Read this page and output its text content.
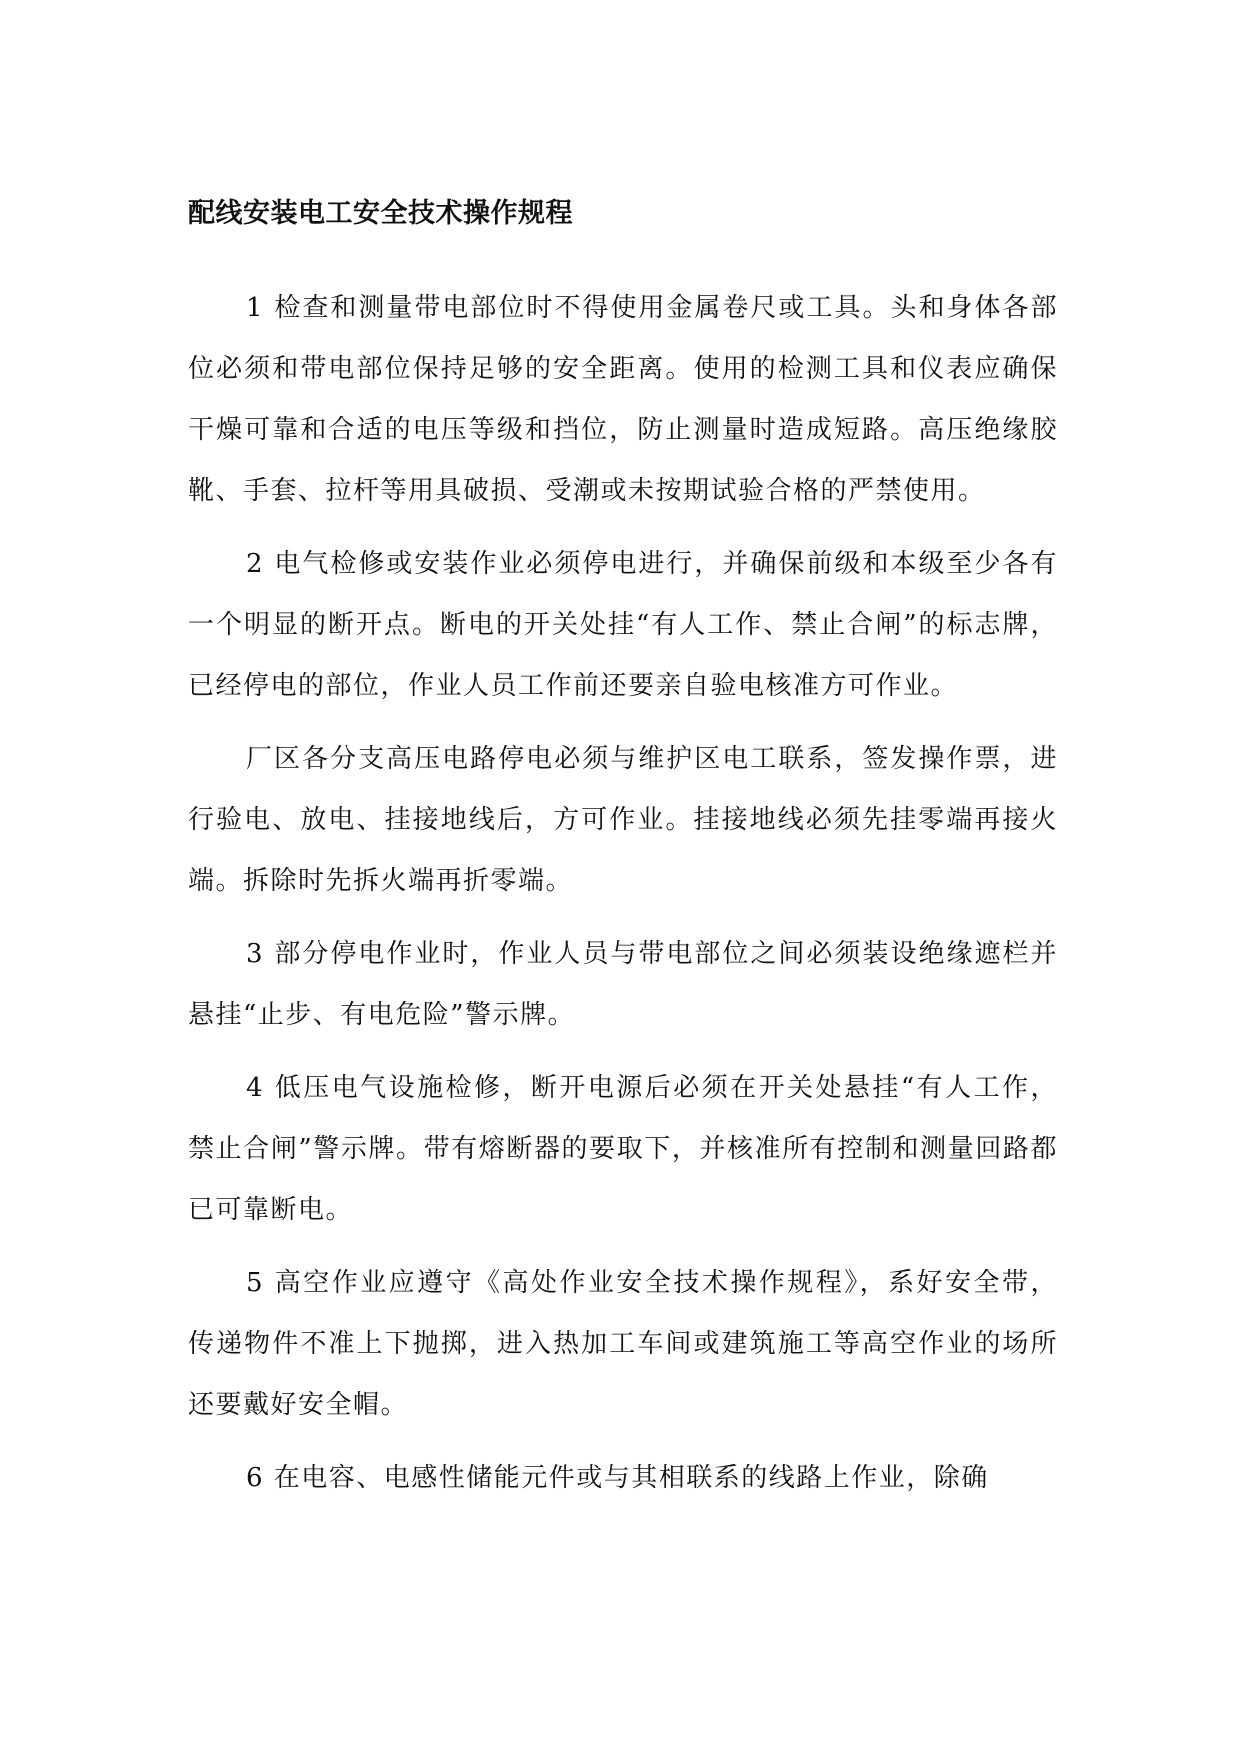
配线安装电工安全技术操作规程

1 检查和测量带电部位时不得使用金属卷尺或工具。头和身体各部位必须和带电部位保持足够的安全距离。使用的检测工具和仪表应确保干燥可靠和合适的电压等级和挡位，防止测量时造成短路。高压绝缘胶靴、手套、拉杆等用具破损、受潮或未按期试验合格的严禁使用。

2 电气检修或安装作业必须停电进行，并确保前级和本级至少各有一个明显的断开点。断电的开关处挂“有人工作、禁止合闸”的标志牌，已经停电的部位，作业人员工作前还要亲自验电核准方可作业。

厂区各分支高压电路停电必须与维护区电工联系，签发操作票，进行验电、放电、挂接地线后，方可作业。挂接地线必须先挂零端再接火端。拆除时先拆火端再折零端。

3 部分停电作业时，作业人员与带电部位之间必须装设绝缘遮栏并悬挂“止步、有电危险”警示牌。

4 低压电气设施检修，断开电源后必须在开关处悬挂“有人工作，禁止合闸”警示牌。带有熔断器的要取下，并核准所有控制和测量回路都已可靠断电。

5 高空作业应遵守《高处作业安全技术操作规程》，系好安全带，传递物件不准上下抛掷，进入热加工车间或建筑施工等高空作业的场所还要戴好安全帽。

6 在电容、电感性储能元件或与其相联系的线路上作业，除确
